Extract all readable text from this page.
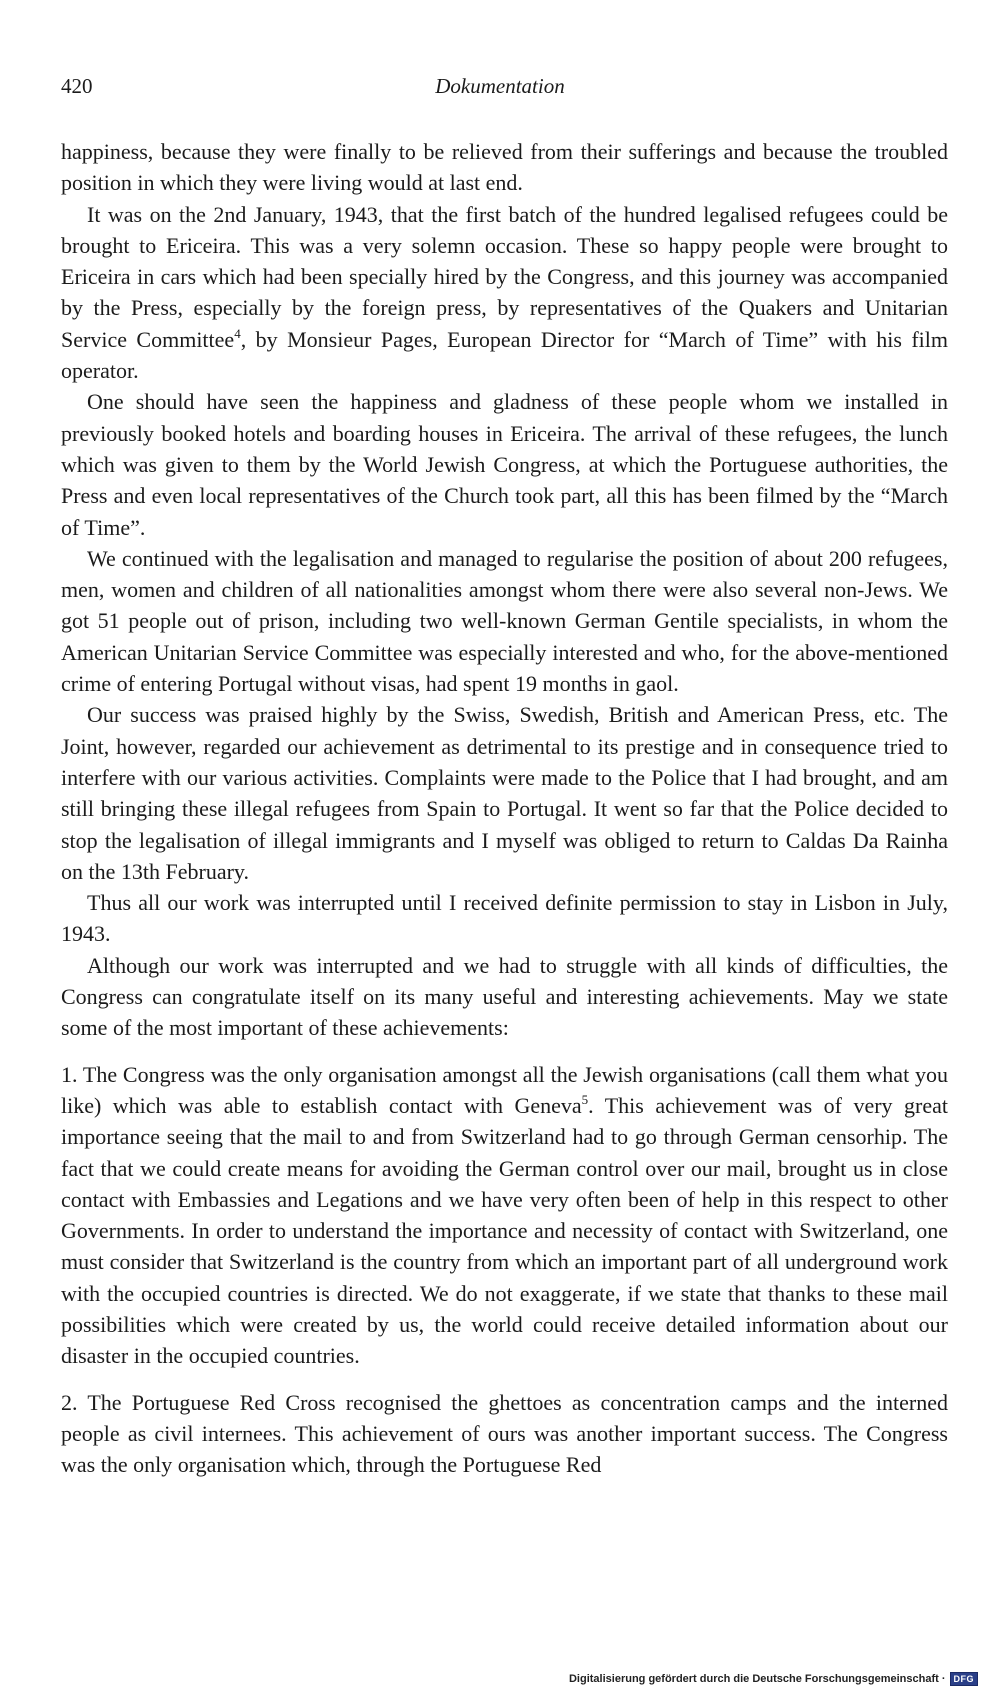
420	Dokumentation

happiness, because they were finally to be relieved from their sufferings and because the troubled position in which they were living would at last end.

It was on the 2nd January, 1943, that the first batch of the hundred legalised refugees could be brought to Ericeira. This was a very solemn occasion. These so happy people were brought to Ericeira in cars which had been specially hired by the Congress, and this journey was accompanied by the Press, especially by the foreign press, by representatives of the Quakers and Unitarian Service Committee$^4$, by Monsieur Pages, European Director for “March of Time” with his film operator.

One should have seen the happiness and gladness of these people whom we installed in previously booked hotels and boarding houses in Ericeira. The arrival of these refugees, the lunch which was given to them by the World Jewish Congress, at which the Portuguese authorities, the Press and even local representatives of the Church took part, all this has been filmed by the “March of Time”.

We continued with the legalisation and managed to regularise the position of about 200 refugees, men, women and children of all nationalities amongst whom there were also several non-Jews. We got 51 people out of prison, including two well-known German Gentile specialists, in whom the American Unitarian Service Committee was especially interested and who, for the above-mentioned crime of entering Portugal without visas, had spent 19 months in gaol.

Our success was praised highly by the Swiss, Swedish, British and American Press, etc. The Joint, however, regarded our achievement as detrimental to its prestige and in consequence tried to interfere with our various activities. Complaints were made to the Police that I had brought, and am still bringing these illegal refugees from Spain to Portugal. It went so far that the Police decided to stop the legalisation of illegal immigrants and I myself was obliged to return to Caldas Da Rainha on the 13th February.

Thus all our work was interrupted until I received definite permission to stay in Lisbon in July, 1943.

Although our work was interrupted and we had to struggle with all kinds of difficulties, the Congress can congratulate itself on its many useful and interesting achievements. May we state some of the most important of these achievements:

1. The Congress was the only organisation amongst all the Jewish organisations (call them what you like) which was able to establish contact with Geneva$^5$. This achievement was of very great importance seeing that the mail to and from Switzerland had to go through German censorhip. The fact that we could create means for avoiding the German control over our mail, brought us in close contact with Embassies and Legations and we have very often been of help in this respect to other Governments. In order to understand the importance and necessity of contact with Switzerland, one must consider that Switzerland is the country from which an important part of all underground work with the occupied countries is directed. We do not exaggerate, if we state that thanks to these mail possibilities which were created by us, the world could receive detailed information about our disaster in the occupied countries.

2. The Portuguese Red Cross recognised the ghettoes as concentration camps and the interned people as civil internees. This achievement of ours was another important success. The Congress was the only organisation which, through the Portuguese Red

Digitalisierung gefördert durch die Deutsche Forschungsgemeinschaft · DFG
